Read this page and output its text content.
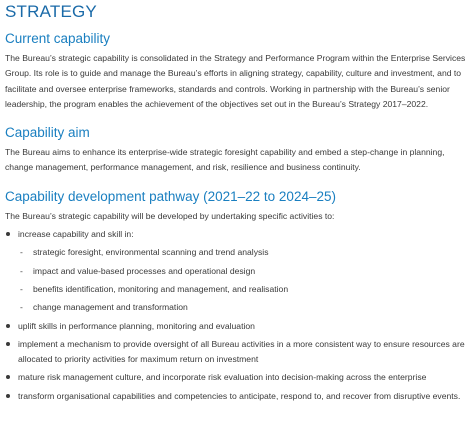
STRATEGY
Current capability

The Bureau’s strategic capability is consolidated in the Strategy and Performance Program within the Enterprise Services Group. Its role is to guide and manage the Bureau’s efforts in aligning strategy, capability, culture and investment, and to facilitate and oversee enterprise frameworks, standards and controls. Working in partnership with the Bureau’s senior leadership, the program enables the achievement of the objectives set out in the Bureau’s Strategy 2017–2022.

Capability aim

The Bureau aims to enhance its enterprise-wide strategic foresight capability and embed a step-change in planning, change management, performance management, and risk, resilience and business continuity.

Capability development pathway (2021–22 to 2024–25)

The Bureau’s strategic capability will be developed by undertaking specific activities to:

increase capability and skill in:
- strategic foresight, environmental scanning and trend analysis
- impact and value-based processes and operational design
- benefits identification, monitoring and management, and realisation
- change management and transformation
uplift skills in performance planning, monitoring and evaluation
implement a mechanism to provide oversight of all Bureau activities in a more consistent way to ensure resources are allocated to priority activities for maximum return on investment
mature risk management culture, and incorporate risk evaluation into decision-making across the enterprise
transform organisational capabilities and competencies to anticipate, respond to, and recover from disruptive events.
